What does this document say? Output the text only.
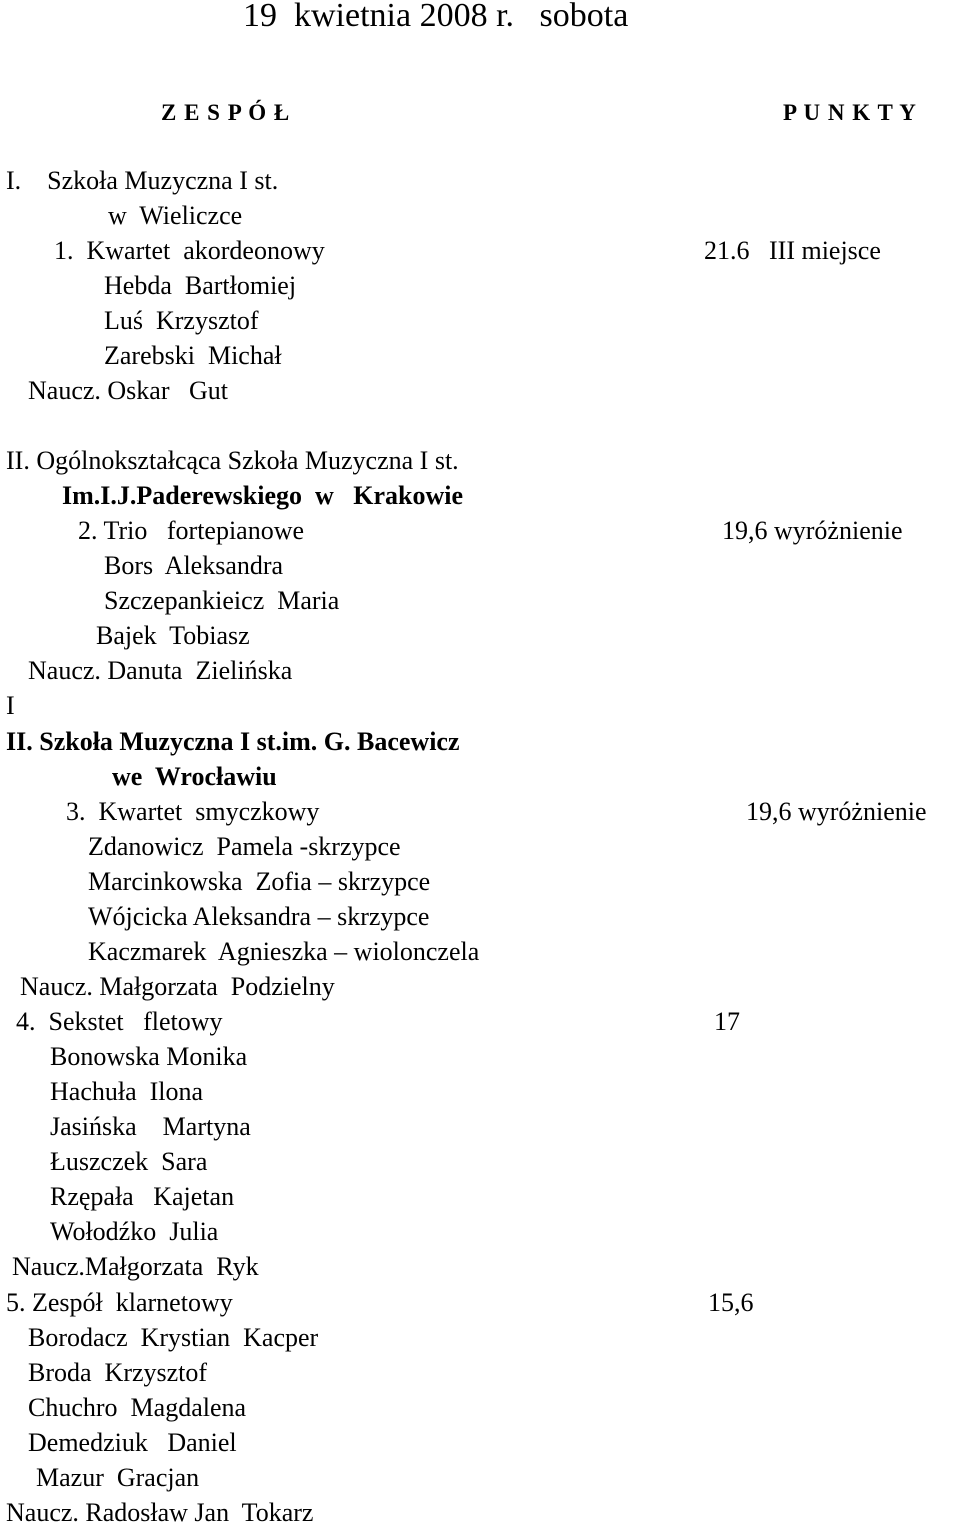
19  kwietnia 2008 r.   sobota
Z E S P Ó Ł	P U N K T Y
I.    Szkoła Muzyczna I st.
w  Wieliczce
1.  Kwartet  akordeonowy	21.6   III miejsce
Hebda  Bartłomiej
Luś  Krzysztof
Zarebski  Michał
Naucz. Oskar   Gut
II. Ogólnokształcąca Szkoła Muzyczna I st.
Im.I.J.Paderewskiego  w   Krakowie
2. Trio   fortepianowe	19,6 wyróżnienie
Bors  Aleksandra
Szczepankieicz  Maria
Bajek  Tobiasz
Naucz. Danuta  Zielińska
I
II. Szkoła Muzyczna I st.im. G. Bacewicz
we  Wrocławiu
3.  Kwartet  smyczkowy	19,6 wyróżnienie
Zdanowicz  Pamela -skrzypce
Marcinkowska  Zofia – skrzypce
Wójcicka Aleksandra – skrzypce
Kaczmarek  Agnieszka – wiolonczela
Naucz. Małgorzata  Podzielny
4.  Sekstet   fletowy	17
Bonowska Monika
Hachuła  Ilona
Jasińska    Martyna
Łuszczek  Sara
Rzępała   Kajetan
Wołodźko  Julia
Naucz.Małgorzata  Ryk
5. Zespół  klarnetowy	15,6
Borodacz  Krystian  Kacper
Broda  Krzysztof
Chuchro  Magdalena
Demedziuk   Daniel
Mazur  Gracjan
Naucz. Radosław Jan  Tokarz
